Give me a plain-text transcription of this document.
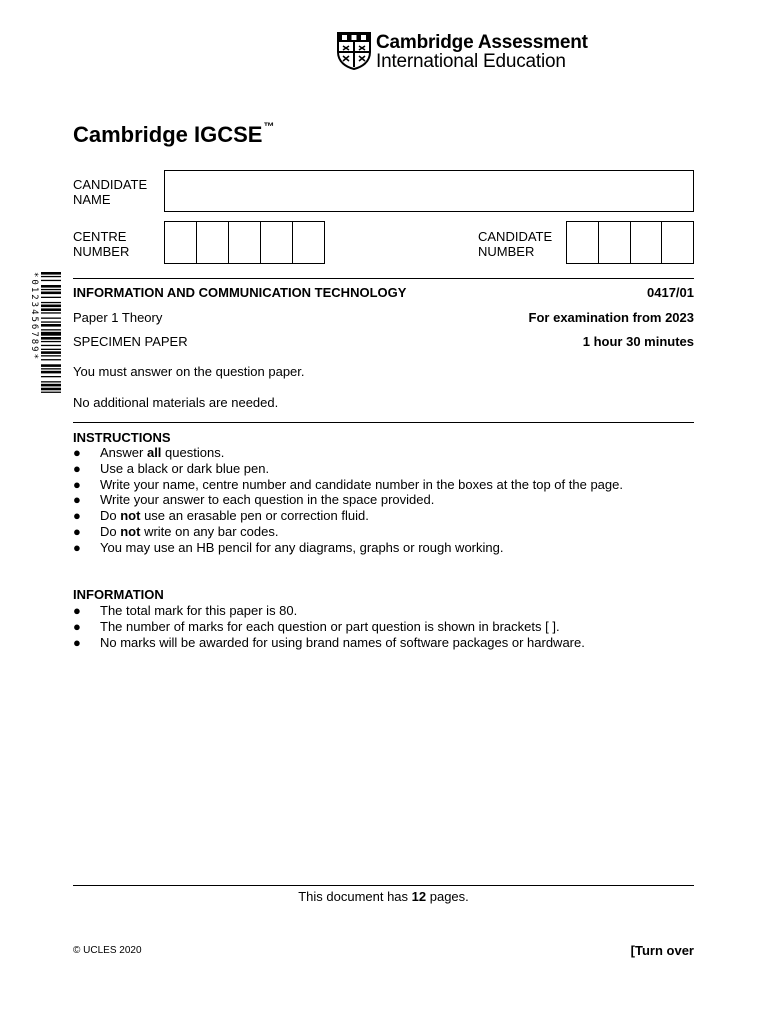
Cambridge Assessment
International Education
Cambridge IGCSE™
CANDIDATE
NAME
CENTRE
NUMBER
CANDIDATE
NUMBER
*0123456789*	INFORMATION AND COMMUNICATION TECHNOLOGY	0417/01
Paper 1 Theory	For examination from 2023
SPECIMEN PAPER	1 hour 30 minutes
You must answer on the question paper.
No additional materials are needed.
INSTRUCTIONS
● Answer all questions.
● Use a black or dark blue pen.
● Write your name, centre number and candidate number in the boxes at the top of the page.
● Write your answer to each question in the space provided.
● Do not use an erasable pen or correction fluid.
● Do not write on any bar codes.
● You may use an HB pencil for any diagrams, graphs or rough working.
INFORMATION
● The total mark for this paper is 80.
● The number of marks for each question or part question is shown in brackets [ ].
● No marks will be awarded for using brand names of software packages or hardware.
This document has 12 pages.
© UCLES 2020	[Turn over
